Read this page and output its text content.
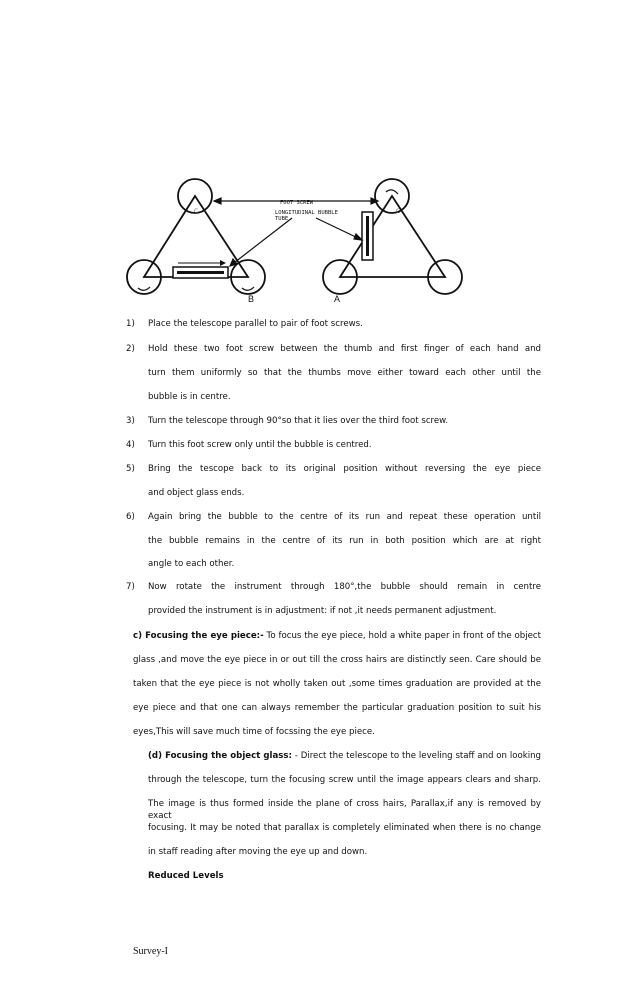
FOOT SCREW
LONGITUDINAL BUBBLE
TUBE
C	C
B	A
1) Place the telescope parallel to pair of foot screws.
2) Hold these two foot screw between the thumb and first finger of each hand and
turn them uniformly so that the thumbs move either toward each other until the
bubble is in centre.
3) Turn the telescope through 90°so that it lies over the third foot screw.
4) Turn this foot screw only until the bubble is centred.
5) Bring the tescope back to its original position without reversing the eye piece
and object glass ends.
6) Again bring the bubble to the centre of its run and repeat these operation until
the bubble remains in the centre of its run in both position which are at right
angle to each other.
7) Now rotate the instrument through 180°,the bubble should remain in centre
provided the instrument is in adjustment: if not ,it needs permanent adjustment.
c) Focusing the eye piece:- To focus the eye piece, hold a white paper in front of the object
glass ,and move the eye piece in or out till the cross hairs are distinctly seen. Care should be
taken that the eye piece is not wholly taken out ,some times graduation are provided at the
eye piece and that one can always remember the particular graduation position to suit his
eyes,This will save much time of focssing the eye piece.
(d) Focusing the object glass: - Direct the telescope to the leveling staff and on looking
through the telescope, turn the focusing screw until the image appears clears and sharp.
The image is thus formed inside the plane of cross hairs, Parallax,if any is removed by exact
focusing. It may be noted that parallax is completely eliminated when there is no change
in staff reading after moving the eye up and down.
Reduced Levels
Survey-I
